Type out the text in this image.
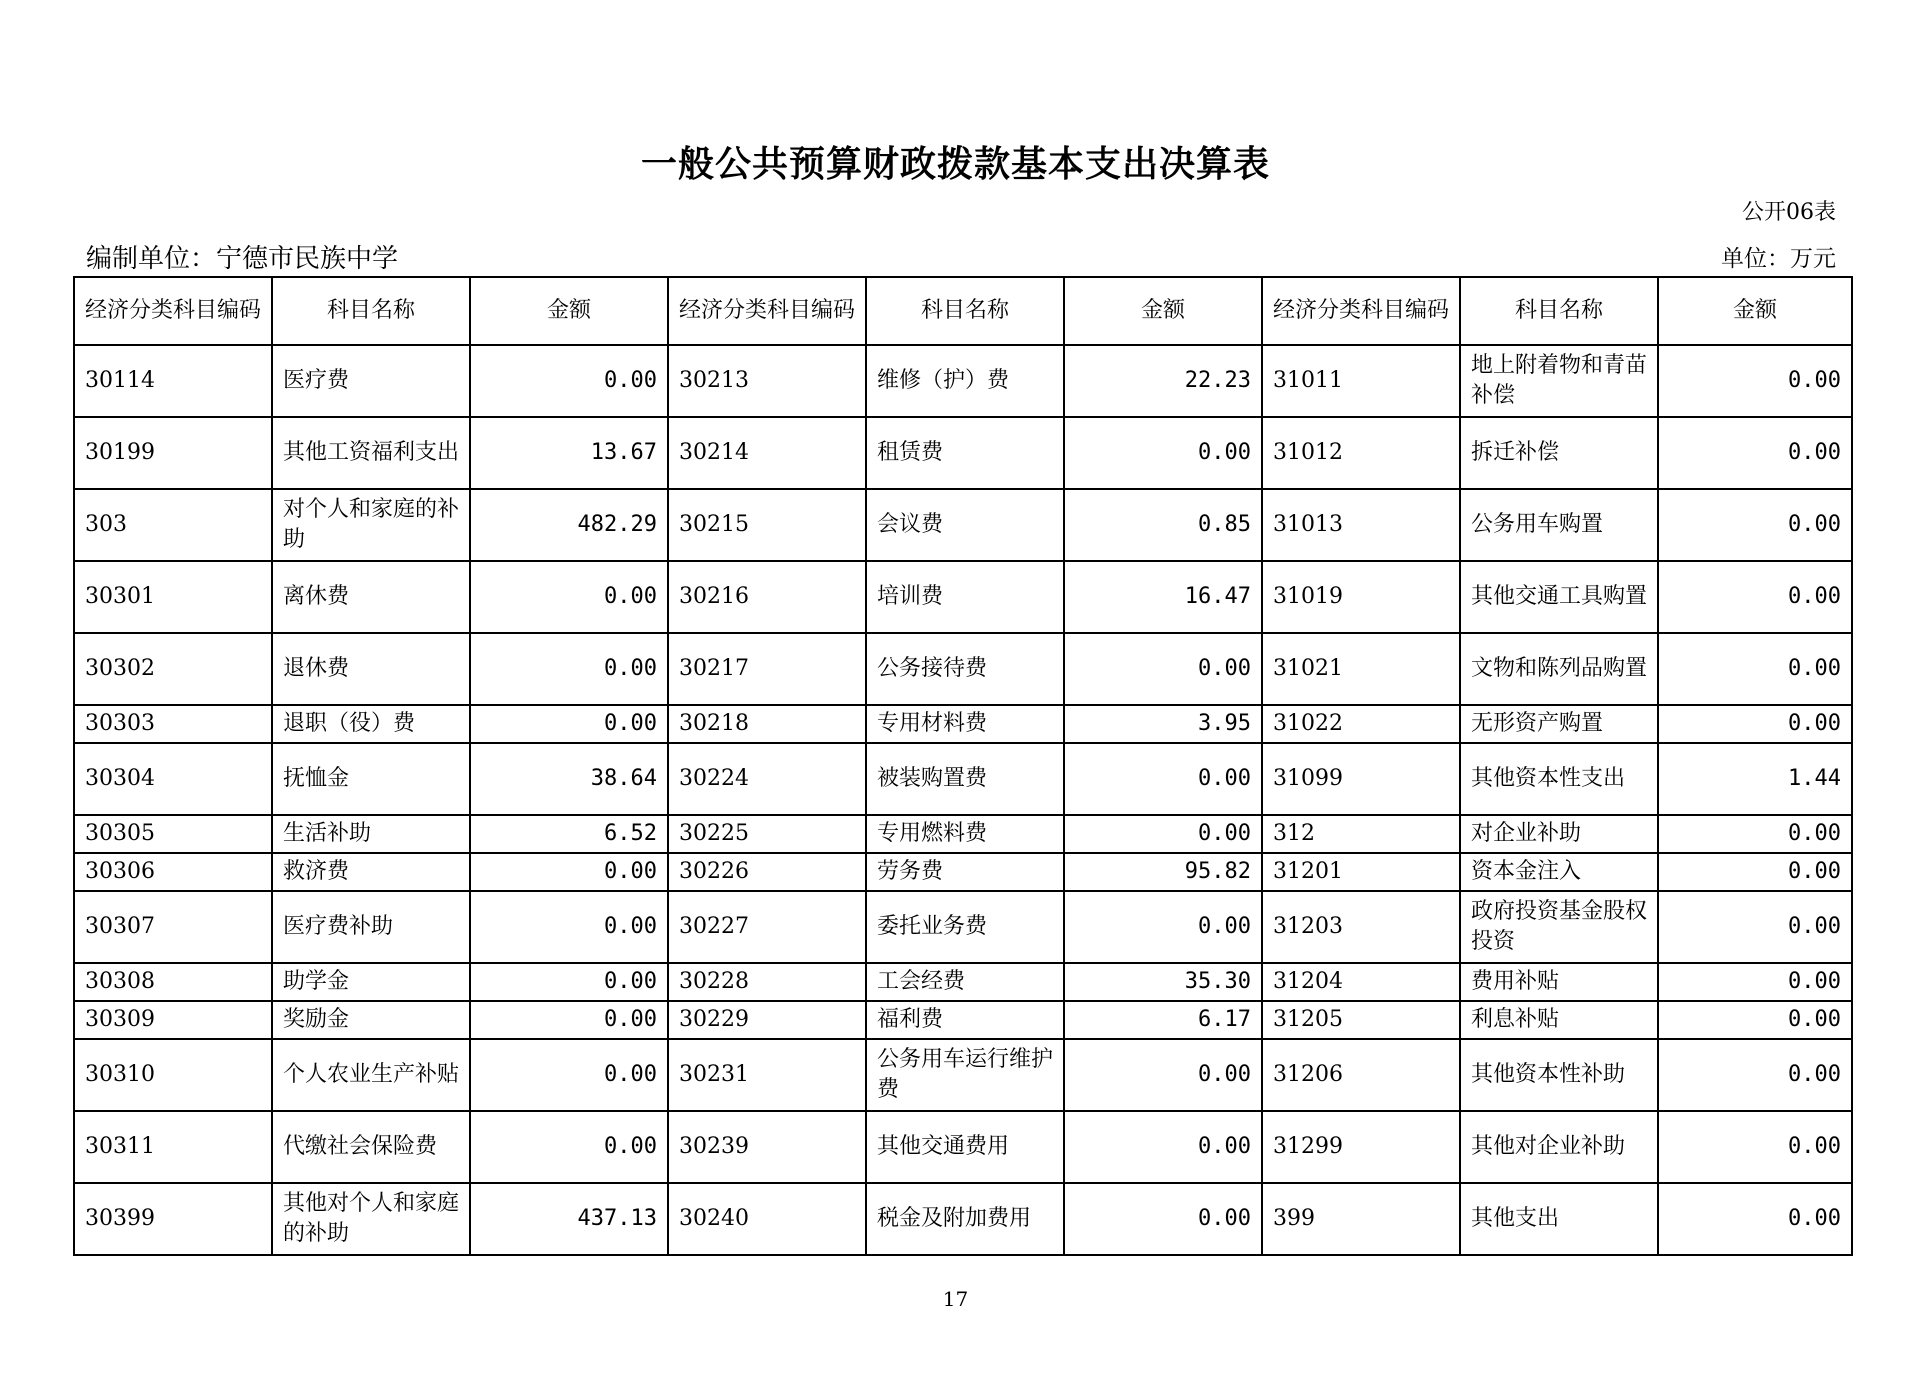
一般公共预算财政拨款基本支出决算表
公开06表
编制单位：宁德市民族中学	单位：万元
经济分类科目编码	科目名称	金额	经济分类科目编码	科目名称	金额	经济分类科目编码	科目名称	金额
30114	医疗费	0.00	30213	维修（护）费	22.23	31011	地上附着物和青苗补偿	0.00
30199	其他工资福利支出	13.67	30214	租赁费	0.00	31012	拆迁补偿	0.00
303	对个人和家庭的补助	482.29	30215	会议费	0.85	31013	公务用车购置	0.00
30301	离休费	0.00	30216	培训费	16.47	31019	其他交通工具购置	0.00
30302	退休费	0.00	30217	公务接待费	0.00	31021	文物和陈列品购置	0.00
30303	退职（役）费	0.00	30218	专用材料费	3.95	31022	无形资产购置	0.00
30304	抚恤金	38.64	30224	被装购置费	0.00	31099	其他资本性支出	1.44
30305	生活补助	6.52	30225	专用燃料费	0.00	312	对企业补助	0.00
30306	救济费	0.00	30226	劳务费	95.82	31201	资本金注入	0.00
30307	医疗费补助	0.00	30227	委托业务费	0.00	31203	政府投资基金股权投资	0.00
30308	助学金	0.00	30228	工会经费	35.30	31204	费用补贴	0.00
30309	奖励金	0.00	30229	福利费	6.17	31205	利息补贴	0.00
30310	个人农业生产补贴	0.00	30231	公务用车运行维护费	0.00	31206	其他资本性补助	0.00
30311	代缴社会保险费	0.00	30239	其他交通费用	0.00	31299	其他对企业补助	0.00
30399	其他对个人和家庭的补助	437.13	30240	税金及附加费用	0.00	399	其他支出	0.00
17
